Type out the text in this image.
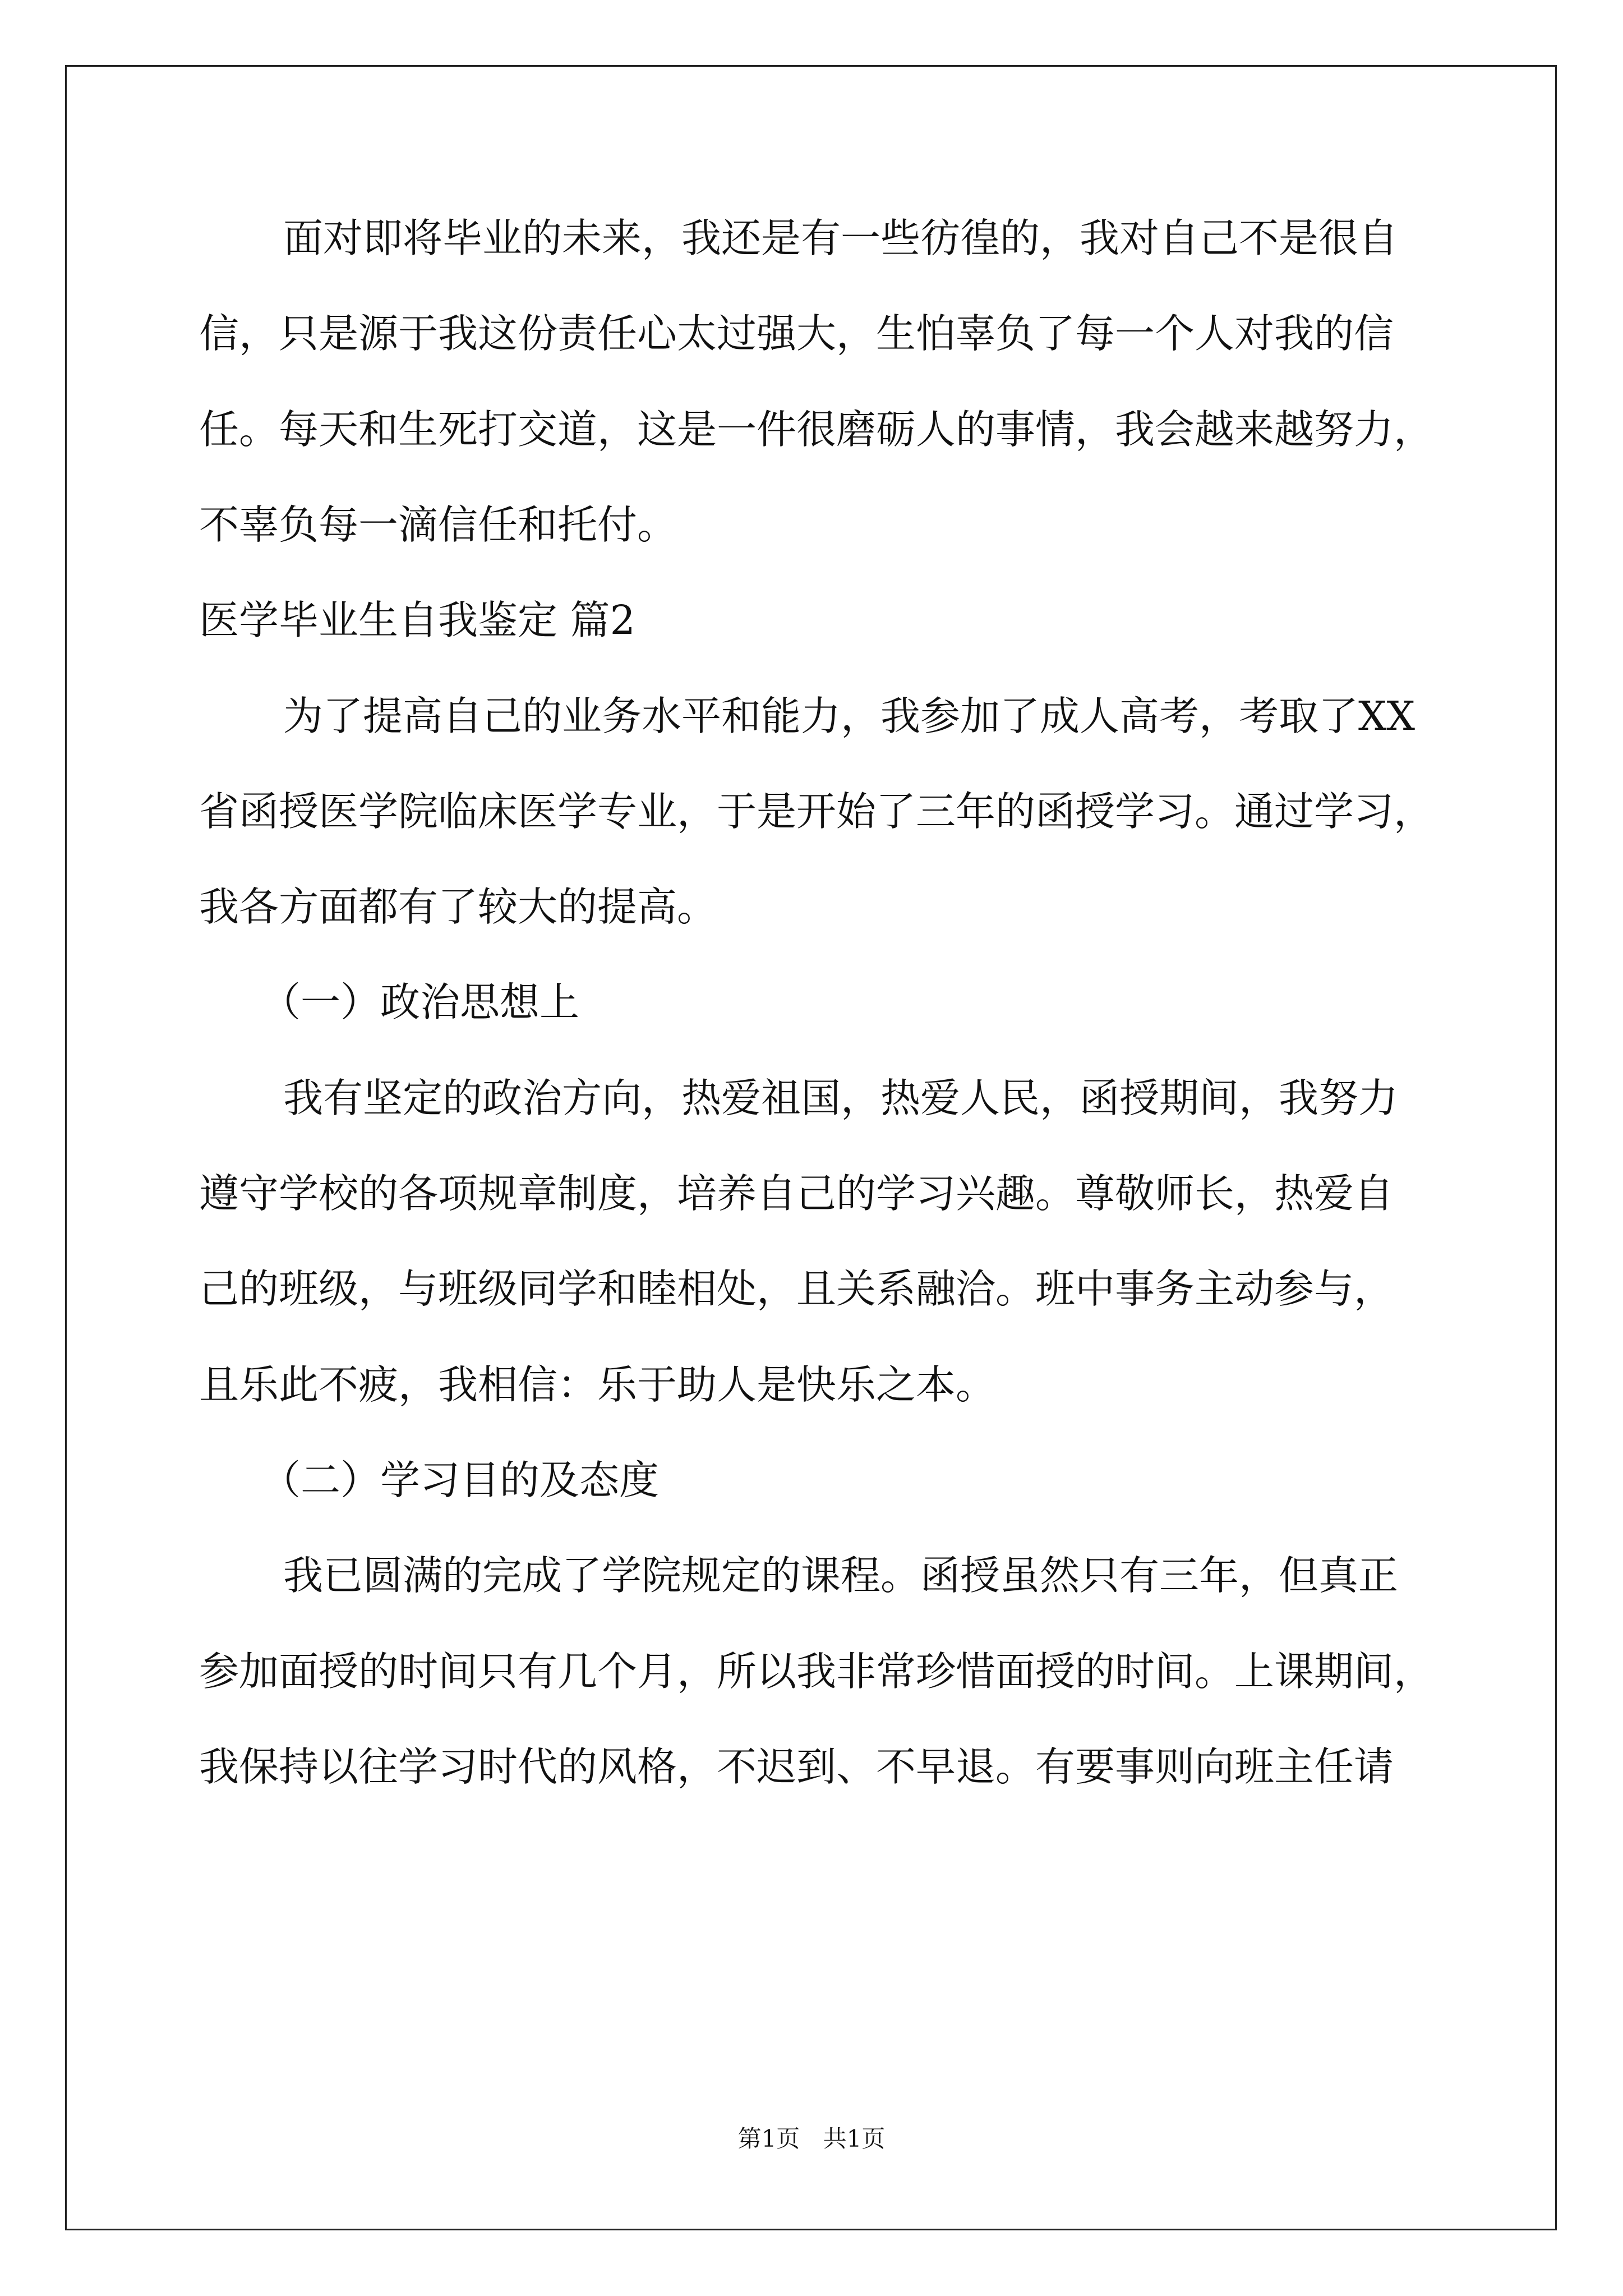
面对即将毕业的未来，我还是有一些彷徨的，我对自己不是很自
信，只是源于我这份责任心太过强大，生怕辜负了每一个人对我的信
任。每天和生死打交道，这是一件很磨砺人的事情，我会越来越努力，
不辜负每一滴信任和托付。
医学毕业生自我鉴定 篇2
为了提高自己的业务水平和能力，我参加了成人高考，考取了XX
省函授医学院临床医学专业，于是开始了三年的函授学习。通过学习，
我各方面都有了较大的提高。
（一）政治思想上
我有坚定的政治方向，热爱祖国，热爱人民，函授期间，我努力
遵守学校的各项规章制度，培养自己的学习兴趣。尊敬师长，热爱自
己的班级，与班级同学和睦相处，且关系融洽。班中事务主动参与，
且乐此不疲，我相信：乐于助人是快乐之本。
（二）学习目的及态度
我已圆满的完成了学院规定的课程。函授虽然只有三年，但真正
参加面授的时间只有几个月，所以我非常珍惜面授的时间。上课期间，
我保持以往学习时代的风格，不迟到、不早退。有要事则向班主任请
第1页 共1页
